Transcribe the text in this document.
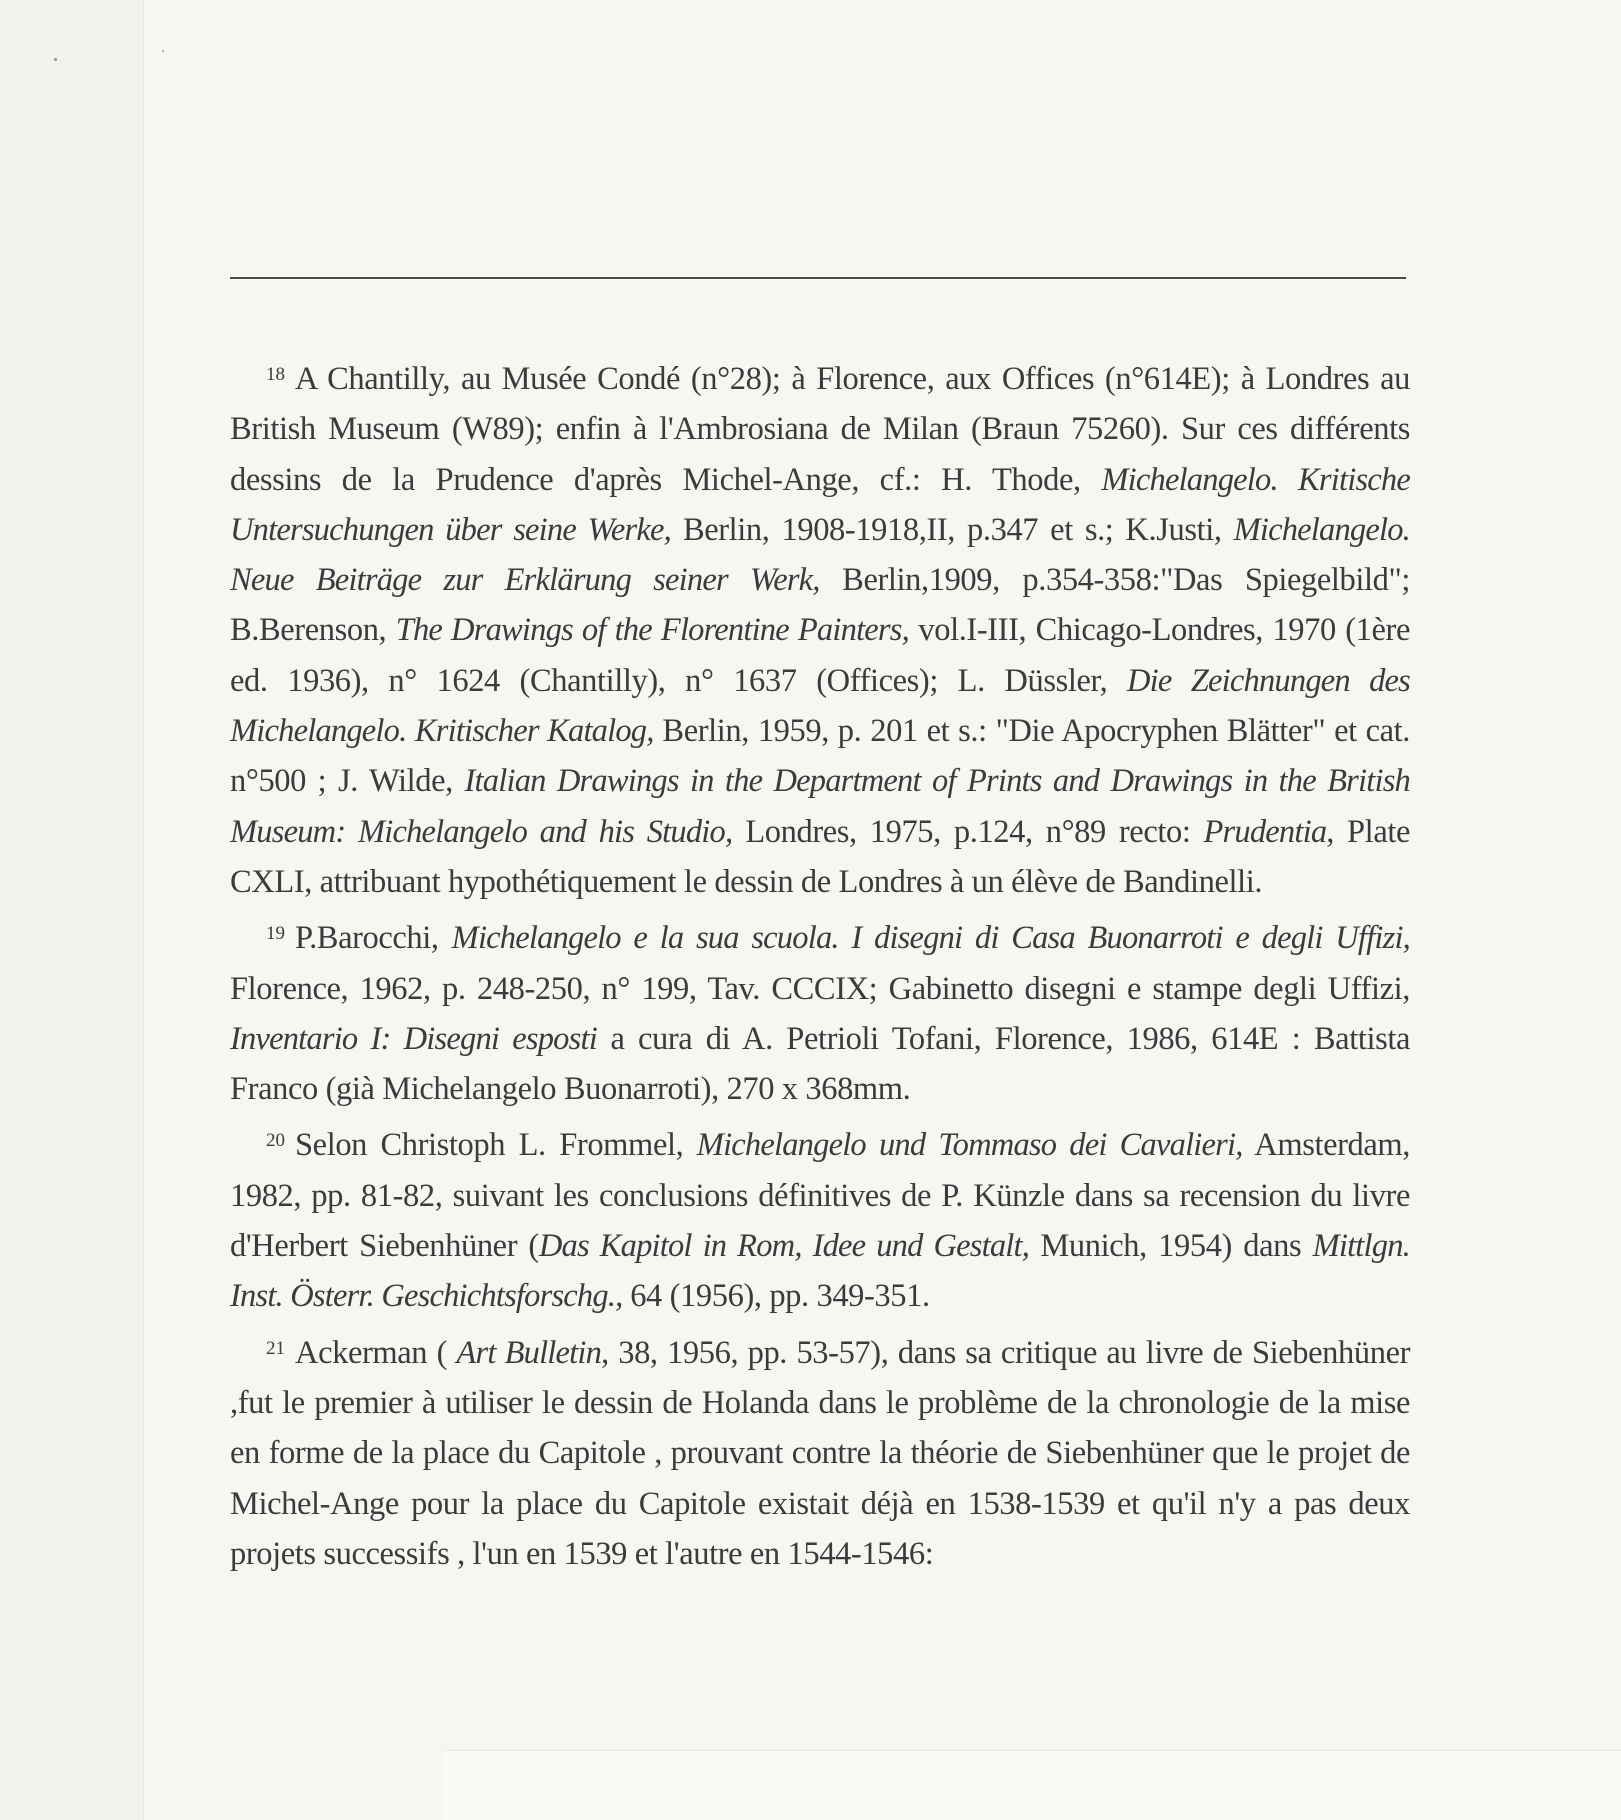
$^{18}$ A Chantilly, au Musée Condé (n°28); à Florence, aux Offices (n°614E); à Londres au British Museum (W89); enfin à l'Ambrosiana de Milan (Braun 75260). Sur ces différents dessins de la Prudence d'après Michel-Ange, cf.: H. Thode, Michelangelo. Kritische Untersuchungen über seine Werke, Berlin, 1908-1918,II, p.347 et s.; K.Justi, Michelangelo. Neue Beiträge zur Erklärung seiner Werk, Berlin,1909, p.354-358:"Das Spiegelbild"; B.Berenson, The Drawings of the Florentine Painters, vol.I-III, Chicago-Londres, 1970 (1ère ed. 1936), n° 1624 (Chantilly), n° 1637 (Offices); L. Düssler, Die Zeichnungen des Michelangelo. Kritischer Katalog, Berlin, 1959, p. 201 et s.: "Die Apocryphen Blätter" et cat. n°500 ; J. Wilde, Italian Drawings in the Department of Prints and Drawings in the British Museum: Michelangelo and his Studio, Londres, 1975, p.124, n°89 recto: Prudentia, Plate CXLI, attribuant hypothétiquement le dessin de Londres à un élève de Bandinelli.

$^{19}$ P.Barocchi, Michelangelo e la sua scuola. I disegni di Casa Buonarroti e degli Uffizi, Florence, 1962, p. 248-250, n° 199, Tav. CCCIX; Gabinetto disegni e stampe degli Uffizi, Inventario I: Disegni esposti a cura di A. Petrioli Tofani, Florence, 1986, 614E : Battista Franco (già Michelangelo Buonarroti), 270 x 368mm.

$^{20}$ Selon Christoph L. Frommel, Michelangelo und Tommaso dei Cavalieri, Amsterdam, 1982, pp. 81-82, suivant les conclusions définitives de P. Künzle dans sa recension du livre d'Herbert Siebenhüner (Das Kapitol in Rom, Idee und Gestalt, Munich, 1954) dans Mittlgn. Inst. Österr. Geschichtsforschg., 64 (1956), pp. 349-351.

$^{21}$ Ackerman ( Art Bulletin, 38, 1956, pp. 53-57), dans sa critique au livre de Siebenhüner ,fut le premier à utiliser le dessin de Holanda dans le problème de la chronologie de la mise en forme de la place du Capitole , prouvant contre la théorie de Siebenhüner que le projet de Michel-Ange pour la place du Capitole existait déjà en 1538-1539 et qu'il n'y a pas deux projets successifs , l'un en 1539 et l'autre en 1544-1546:
